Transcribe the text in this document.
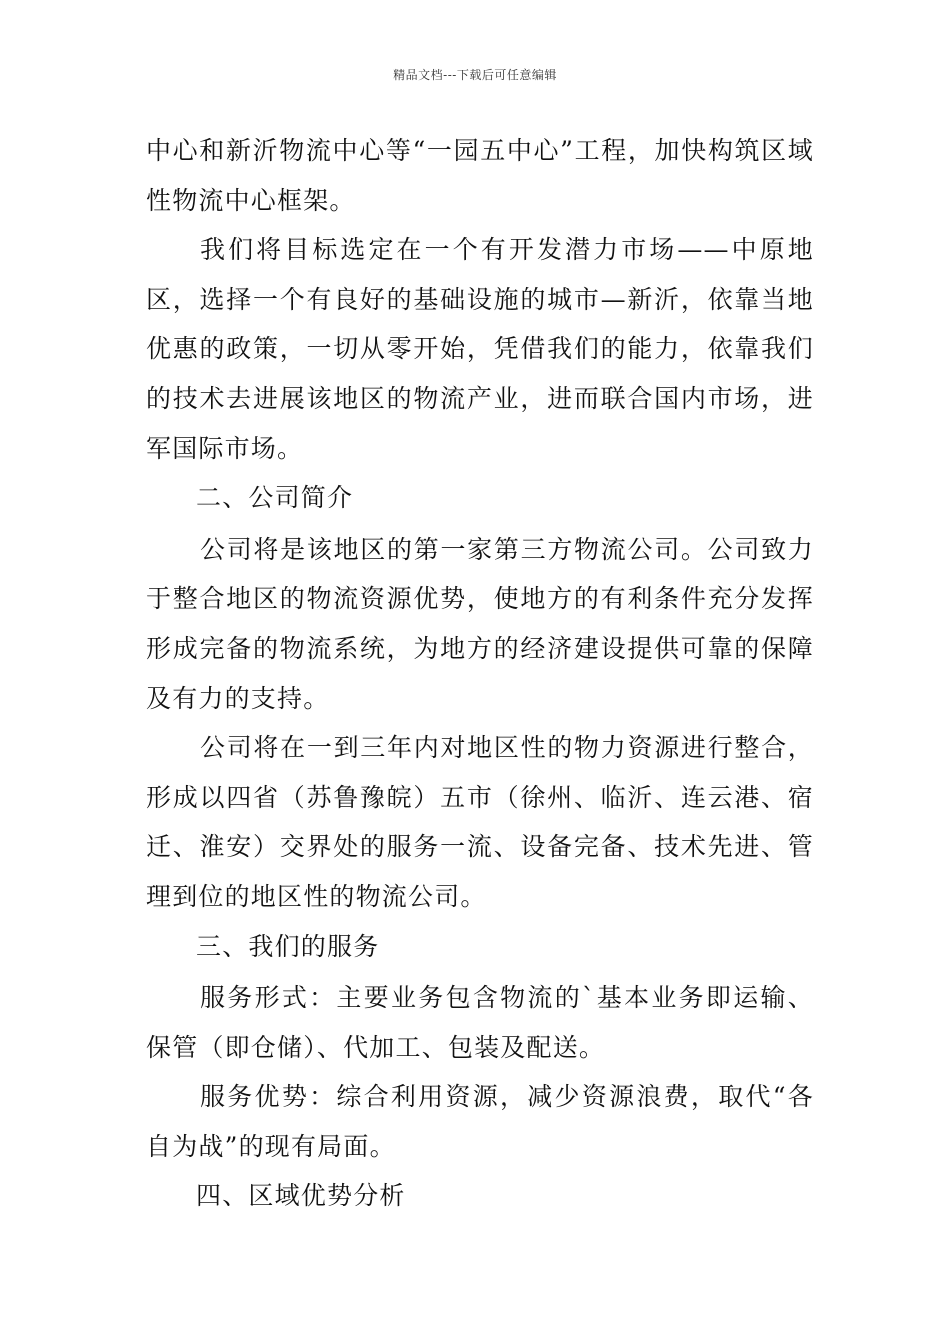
精品文档---下载后可任意编辑

中心和新沂物流中心等“一园五中心”工程，加快构筑区域性物流中心框架。

我们将目标选定在一个有开发潜力市场——中原地区，选择一个有良好的基础设施的城市—新沂，依靠当地优惠的政策，一切从零开始，凭借我们的能力，依靠我们的技术去进展该地区的物流产业，进而联合国内市场，进军国际市场。

二、公司简介

公司将是该地区的第一家第三方物流公司。公司致力于整合地区的物流资源优势，使地方的有利条件充分发挥形成完备的物流系统，为地方的经济建设提供可靠的保障及有力的支持。

公司将在一到三年内对地区性的物力资源进行整合，形成以四省（苏鲁豫皖）五市（徐州、临沂、连云港、宿迁、淮安）交界处的服务一流、设备完备、技术先进、管理到位的地区性的物流公司。

三、我们的服务

服务形式：主要业务包含物流的`基本业务即运输、保管（即仓储）、代加工、包装及配送。

服务优势：综合利用资源，减少资源浪费，取代“各自为战”的现有局面。

四、区域优势分析
